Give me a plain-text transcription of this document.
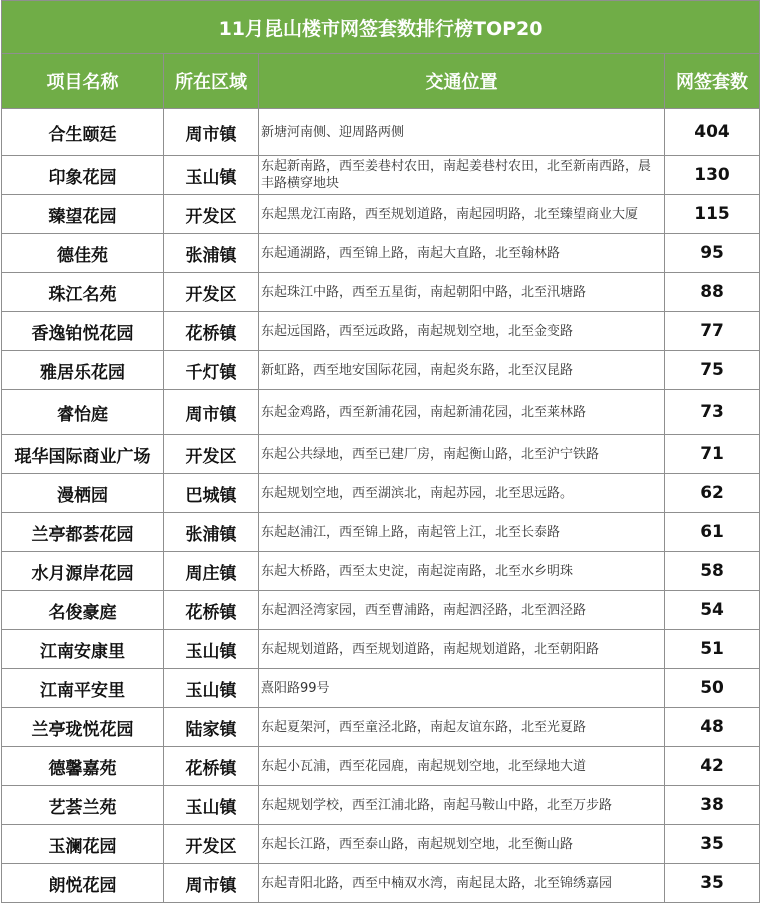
11月昆山楼市网签套数排行榜TOP20			
项目名称	所在区域	交通位置	网签套数
合生颐廷	周市镇	新塘河南侧、迎周路两侧	404
印象花园	玉山镇	东起新南路，西至姜巷村农田，南起姜巷村农田，北至新南西路，晨丰路横穿地块	130
臻望花园	开发区	东起黑龙江南路，西至规划道路，南起园明路，北至臻望商业大厦	115
德佳苑	张浦镇	东起通湖路，西至锦上路，南起大直路，北至翰林路	95
珠江名苑	开发区	东起珠江中路，西至五星街，南起朝阳中路，北至汛塘路	88
香逸铂悦花园	花桥镇	东起远国路，西至远政路，南起规划空地，北至金变路	77
雅居乐花园	千灯镇	新虹路，西至地安国际花园，南起炎东路，北至汉昆路	75
睿怡庭	周市镇	东起金鸡路，西至新浦花园，南起新浦花园，北至莱林路	73
琨华国际商业广场	开发区	东起公共绿地，西至已建厂房，南起衡山路，北至沪宁铁路	71
漫栖园	巴城镇	东起规划空地，西至湖滨北，南起苏园，北至思远路。	62
兰亭都荟花园	张浦镇	东起赵浦江，西至锦上路，南起管上江，北至长泰路	61
水月源岸花园	周庄镇	东起大桥路，西至太史淀，南起淀南路，北至水乡明珠	58
名俊豪庭	花桥镇	东起泗泾湾家园，西至曹浦路，南起泗泾路，北至泗泾路	54
江南安康里	玉山镇	东起规划道路，西至规划道路，南起规划道路，北至朝阳路	51
江南平安里	玉山镇	熹阳路99号	50
兰亭珑悦花园	陆家镇	东起夏架河，西至童泾北路，南起友谊东路，北至光夏路	48
德馨嘉苑	花桥镇	东起小瓦浦，西至花园鹿，南起规划空地，北至绿地大道	42
艺荟兰苑	玉山镇	东起规划学校，西至江浦北路，南起马鞍山中路，北至万步路	38
玉澜花园	开发区	东起长江路，西至泰山路，南起规划空地，北至衡山路	35
朗悦花园	周市镇	东起青阳北路，西至中楠双水湾，南起昆太路，北至锦绣嘉园	35
